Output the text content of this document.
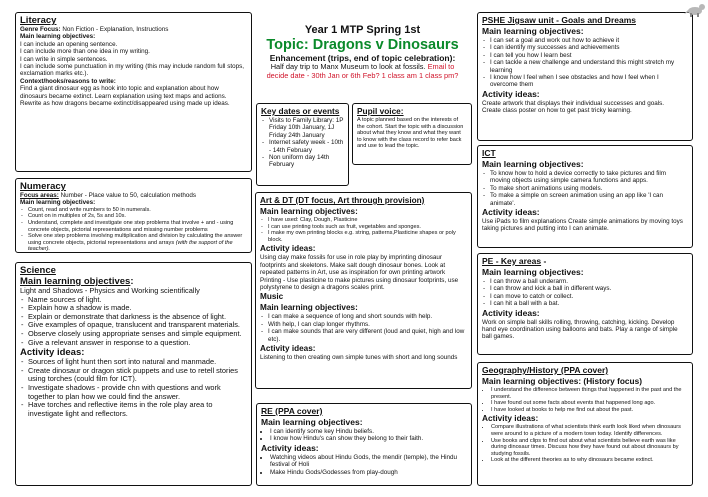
Literacy
Genre Focus: Non Fiction - Explanation, Instructions
Main learning objectives:
I can include an opening sentence.
I can include more than one idea in my writing.
I can write in simple sentences.
I can include some punctuation in my writing (this may include random full stops, exclamation marks etc.).
Context/hooks/reasons to write:
Find a giant dinosaur egg as hook into topic and explanation about how dinosaurs became extinct. Learn explanation using text maps and actions. Rewrite as how dragons became extinct/disappeared using made up ideas.
Year 1 MTP Spring 1st
Topic: Dragons v Dinosaurs
Enhancement (trips, end of topic celebration):
Half day trip to Manx Museum to look at fossils. Email to decide date - 30th Jan or 6th Feb? 1 class am 1 class pm?
PSHE Jigsaw unit - Goals and Dreams
Main learning objectives:
- I can set a goal and work out how to achieve it
- I can identify my successes and achievements
- I can tell you how I learn best
- I can tackle a new challenge and understand this might stretch my learning
- I know how I feel when I see obstacles and how I feel when I overcome them
Activity ideas:
Create artwork that displays their individual successes and goals.
Create class poster on how to get past tricky learning.
Key dates or events
- Visits to Family Library: 1P Friday 10th January, 1J Friday 24th January
- Internet safety week - 10th - 14th February
- Non uniform day 14th February
Pupil voice:
A topic planned based on the interests of the cohort. Start the topic with a discussion about what they know and what they want to know with the class record to refer back and use to lead the topic.
Numeracy
Focus areas: Number - Place value to 50, calculation methods
Main learning objectives:
- Count, read and write numbers to 50 in numerals.
- Count on in multiples of 2s, 5s and 10s.
- Understand, complete and investigate one step problems that involve + and - using concrete objects, pictorial representations and missing number problems
- Solve one step problems involving multiplication and division by calculating the answer using concrete objects, pictorial representations and arrays (with the support of the teacher).
Art & DT (DT focus, Art through provision)
Main learning objectives:
- I have used: Clay, Dough, Plasticine
- I can use printing tools such as fruit, vegetables and sponges.
- I make my own printing blocks e.g. string, patterns,Plasticine shapes or poly block.
Activity ideas:
Using clay make fossils for use in role play by imprinting dinosaur footprints and skeletons. Make salt dough dinosaur bones. Look at repeated patterns in Art, use as inspiration for own printing artwork Printing - Use plasticine to make pictures using dinosaur footprints, use polystyrene to design a dragons scales print.
Music
Main learning objectives:
- I can make a sequence of long and short sounds with help.
- With help, I can clap longer rhythms.
- I can make sounds that are very different (loud and quiet, high and low etc).
Activity ideas:
Listening to then creating own simple tunes with short and long sounds
ICT
Main learning objectives:
- To know how to hold a device correctly to take pictures and film moving objects using simple camera functions and apps.
- To make short animations using models.
- To make a simple on screen animation using an app like 'I can animate'.
Activity ideas:
Use iPads to film explanations Create simple animations by moving toys taking pictures and putting into I can animate.
PE - Key areas -
Main learning objectives:
- I can throw a ball underarm.
- I can throw and kick a ball in different ways.
- I can move to catch or collect.
- I can hit a ball with a bat.
Activity ideas:
Work on simple ball skills rolling, throwing, catching, kicking. Develop hand eye coordination using balloons and bats. Play a range of simple ball games.
Science
Main learning objectives:
Light and Shadows - Physics and Working scientifically
- Name sources of light.
- Explain how a shadow is made.
- Explain or demonstrate that darkness is the absence of light.
- Give examples of opaque, translucent and transparent materials.
- Observe closely using appropriate senses and simple equipment.
- Give a relevant answer in response to a question.
Activity ideas:
- Sources of light hunt then sort into natural and manmade.
- Create dinosaur or dragon stick puppets and use to retell stories using torches (could film for ICT).
- Investigate shadows - provide chn with questions and work together to plan how we could find the answer.
- Have torches and reflective items in the role play area to investigate light and reflectors.	RE (PPA cover)
Main learning objectives:
• I can identify some key Hindu beliefs.
• I know how Hindu's can show they belong to their faith.
Activity ideas:
• Watching videos about Hindu Gods, the mendir (temple), the Hindu festival of Holi
• Make Hindu Gods/Godesses from play-dough
Geography/History (PPA cover)
Main learning objectives: (History focus)
• I understand the difference between things that happened in the past and the present.
• I have found out some facts about events that happened long ago.
• I have looked at books to help me find out about the past.
Activity ideas:
• Compare illustrations of what scientists think earth look liked when dinosaurs were around to a picture of a modern town today. Identify differences.
• Use books and clips to find out about what scientists believe earth was like during dinosaur times. Discuss how they have found out about dinosaurs by studying fossils.
• Look at the different theories as to why dinosaurs became extinct.
